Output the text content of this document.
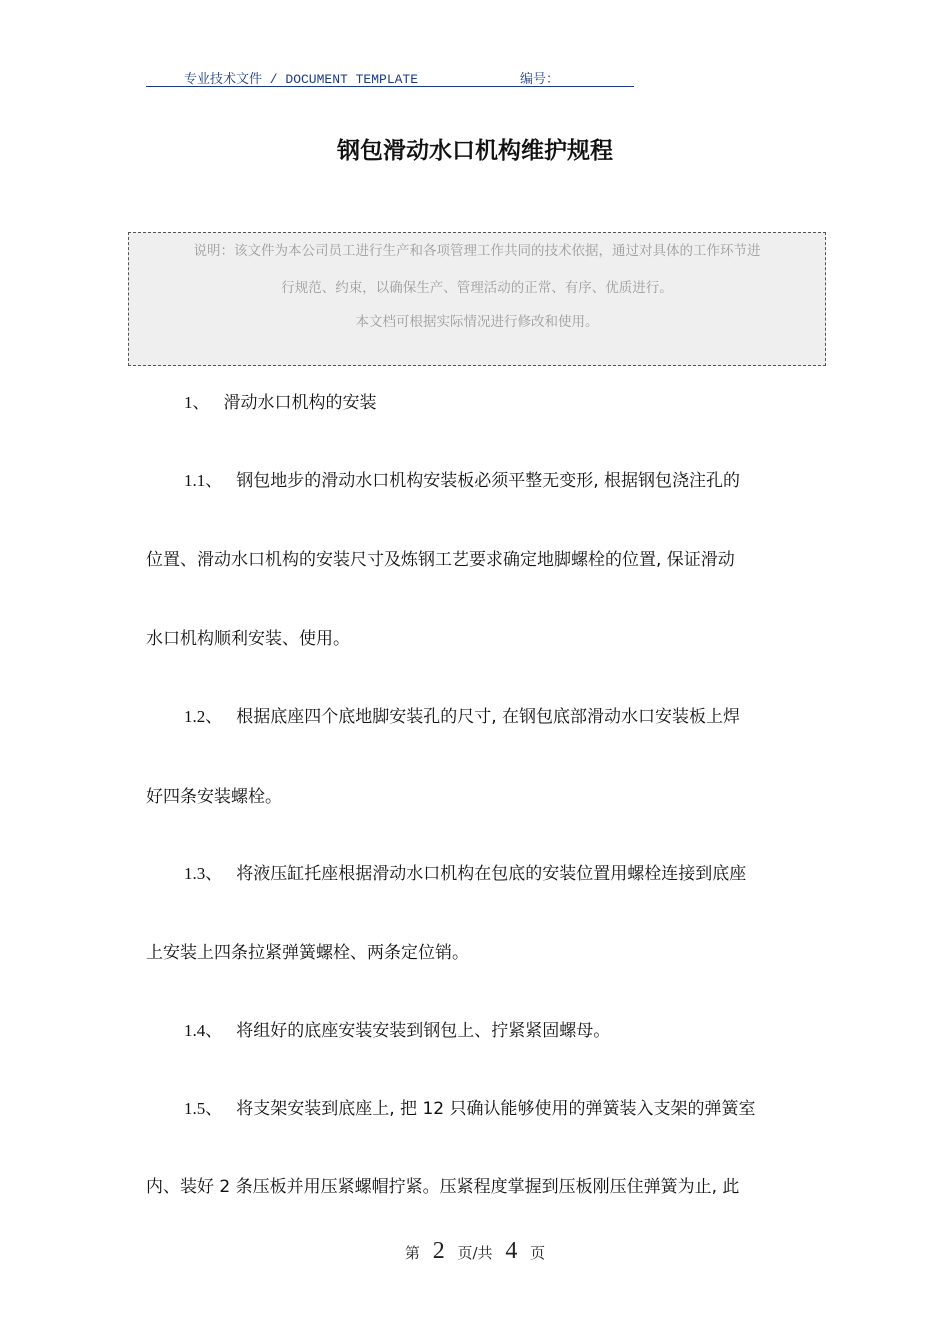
专业技术文件 / DOCUMENT TEMPLATE	编号：
钢包滑动水口机构维护规程
说明：该文件为本公司员工进行生产和各项管理工作共同的技术依据，通过对具体的工作环节进
行规范、约束，以确保生产、管理活动的正常、有序、优质进行。
本文档可根据实际情况进行修改和使用。
1、 滑动水口机构的安装
1.1、 钢包地步的滑动水口机构安装板必须平整无变形, 根据钢包浇注孔的
位置、滑动水口机构的安装尺寸及炼钢工艺要求确定地脚螺栓的位置, 保证滑动
水口机构顺利安装、使用。
1.2、 根据底座四个底地脚安装孔的尺寸, 在钢包底部滑动水口安装板上焊
好四条安装螺栓。
1.3、 将液压缸托座根据滑动水口机构在包底的安装位置用螺栓连接到底座
上安装上四条拉紧弹簧螺栓、两条定位销。
1.4、 将组好的底座安装安装到钢包上、拧紧紧固螺母。
1.5、 将支架安装到底座上, 把 12 只确认能够使用的弹簧装入支架的弹簧室
内、装好 2 条压板并用压紧螺帽拧紧。压紧程度掌握到压板刚压住弹簧为止, 此
第 2 页/共 4 页
